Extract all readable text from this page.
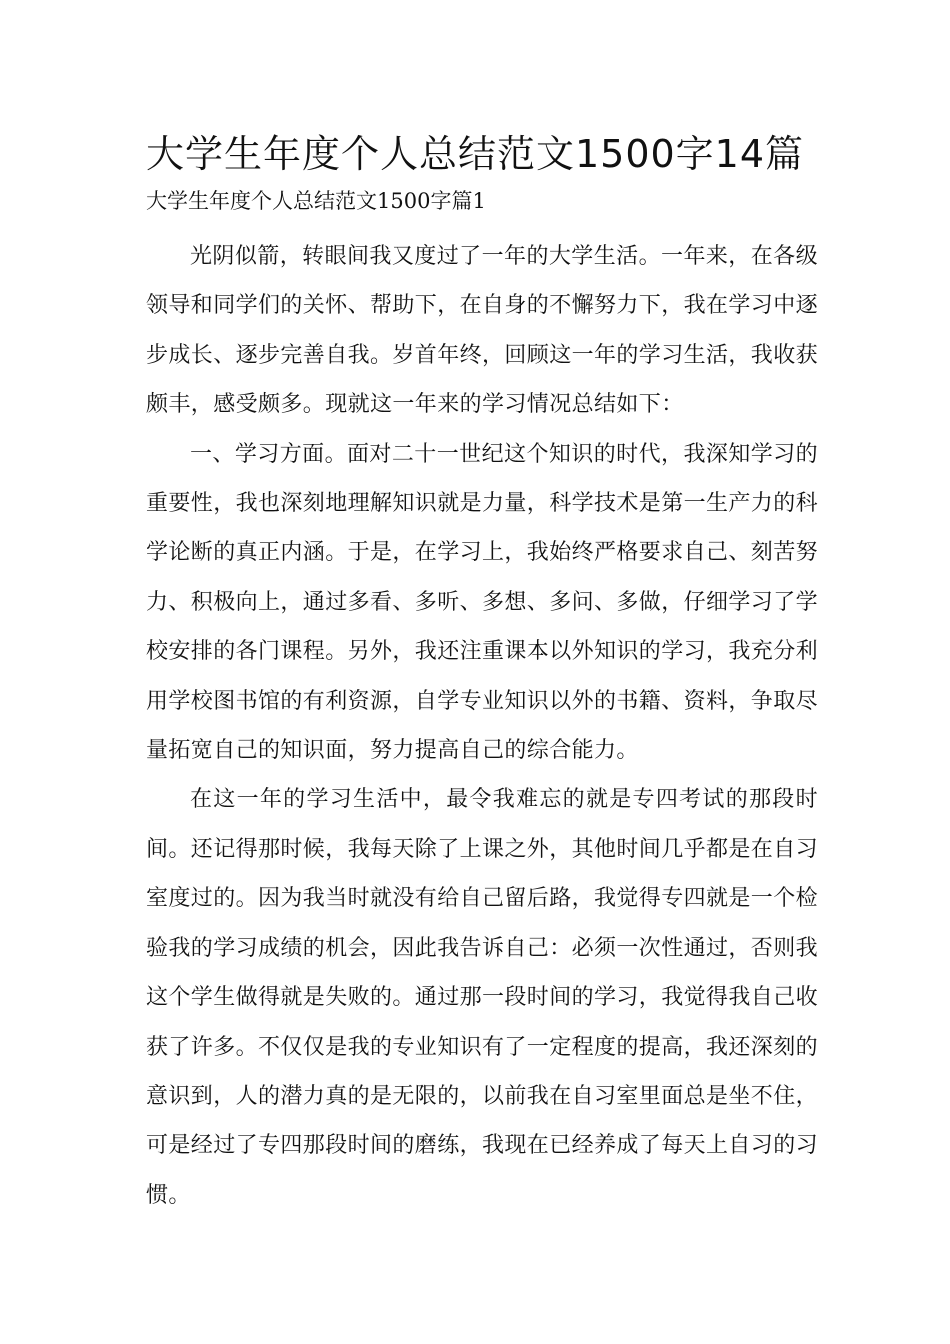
大学生年度个人总结范文1500字14篇
大学生年度个人总结范文1500字篇1

光阴似箭，转眼间我又度过了一年的大学生活。一年来，在各级领导和同学们的关怀、帮助下，在自身的不懈努力下，我在学习中逐步成长、逐步完善自我。岁首年终，回顾这一年的学习生活，我收获颇丰，感受颇多。现就这一年来的学习情况总结如下：

一、学习方面。面对二十一世纪这个知识的时代，我深知学习的重要性，我也深刻地理解知识就是力量，科学技术是第一生产力的科学论断的真正内涵。于是，在学习上，我始终严格要求自己、刻苦努力、积极向上，通过多看、多听、多想、多问、多做，仔细学习了学校安排的各门课程。另外，我还注重课本以外知识的学习，我充分利用学校图书馆的有利资源，自学专业知识以外的书籍、资料，争取尽量拓宽自己的知识面，努力提高自己的综合能力。

在这一年的学习生活中，最令我难忘的就是专四考试的那段时间。还记得那时候，我每天除了上课之外，其他时间几乎都是在自习室度过的。因为我当时就没有给自己留后路，我觉得专四就是一个检验我的学习成绩的机会，因此我告诉自己：必须一次性通过，否则我这个学生做得就是失败的。通过那一段时间的学习，我觉得我自己收获了许多。不仅仅是我的专业知识有了一定程度的提高，我还深刻的意识到，人的潜力真的是无限的，以前我在自习室里面总是坐不住，可是经过了专四那段时间的磨练，我现在已经养成了每天上自习的习惯。
